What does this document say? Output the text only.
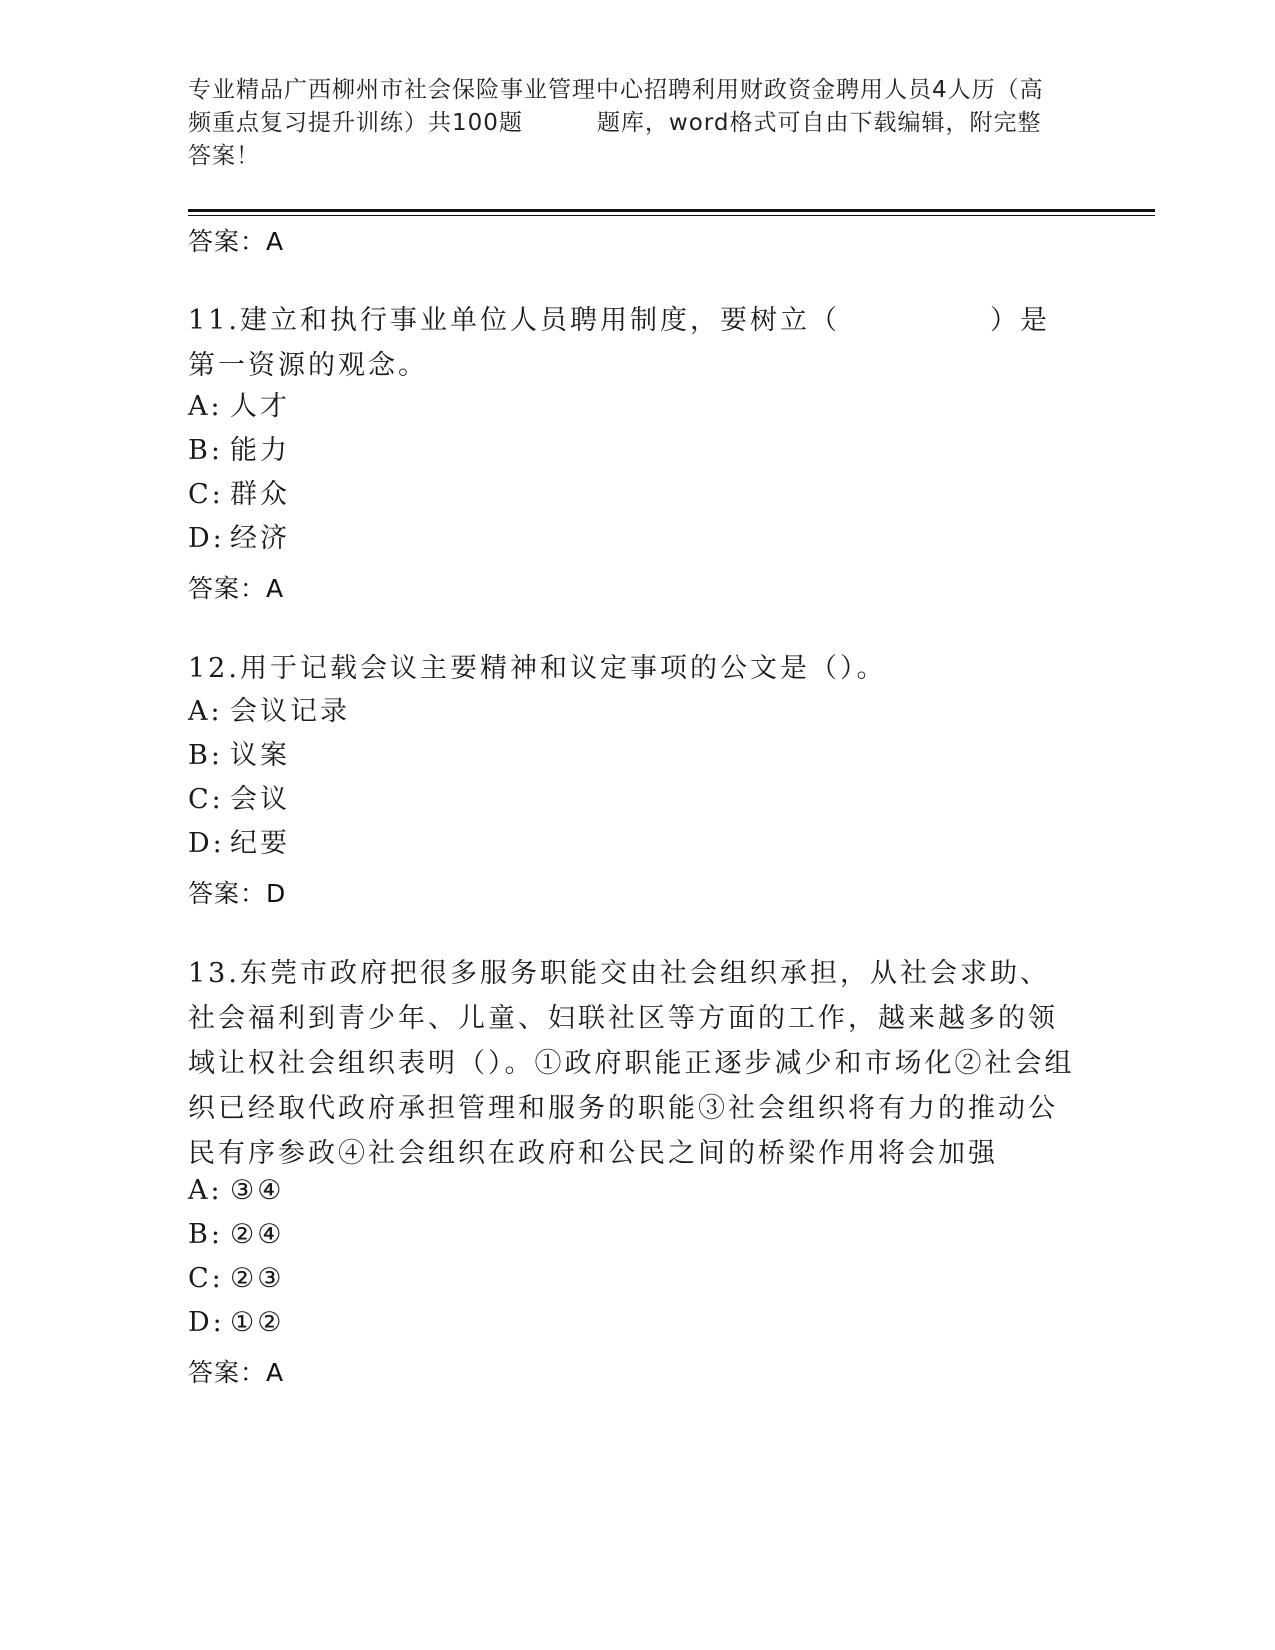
专业精品广西柳州市社会保险事业管理中心招聘利用财政资金聘用人员4人历（高
频重点复习提升训练）共100题	题库，word格式可自由下载编辑，附完整
答案！
答案：A
11.建立和执行事业单位人员聘用制度，要树立（　　　　　）是第一资源的观念。
A: 人才
B: 能力
C: 群众
D: 经济
答案：A
12.用于记载会议主要精神和议定事项的公文是（）。
A: 会议记录
B: 议案
C: 会议
D: 纪要
答案：D
13.东莞市政府把很多服务职能交由社会组织承担，从社会求助、社会福利到青少年、儿童、妇联社区等方面的工作，越来越多的领域让权社会组织表明（）。①政府职能正逐步减少和市场化②社会组织已经取代政府承担管理和服务的职能③社会组织将有力的推动公民有序参政④社会组织在政府和公民之间的桥梁作用将会加强
A: ③④
B: ②④
C: ②③
D: ①②
答案：A
